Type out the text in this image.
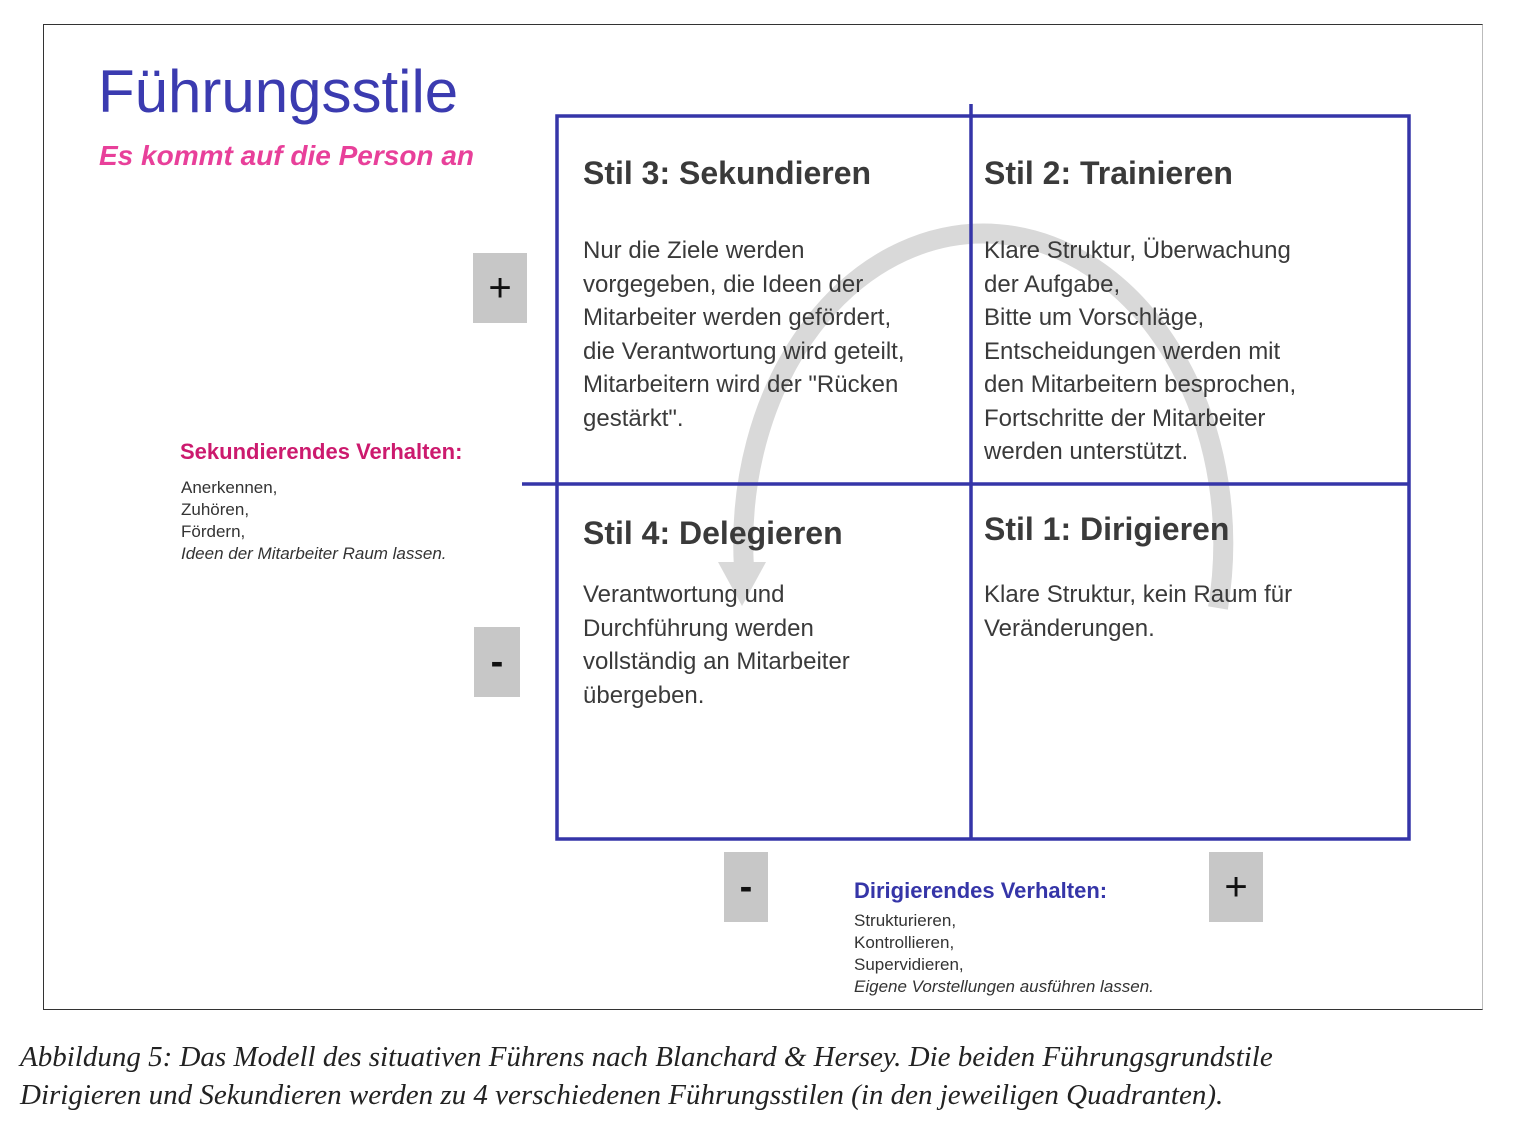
Führungsstile
Es kommt auf die Person an	Stil 3: Sekundieren
Nur die Ziele werden
vorgegeben, die Ideen der
Mitarbeiter werden gefördert,
die Verantwortung wird geteilt,
Mitarbeitern wird der "Rücken
gestärkt".
Stil 2: Trainieren
Klare Struktur, Überwachung
der Aufgabe,
Bitte um Vorschläge,
Entscheidungen werden mit
den Mitarbeitern besprochen,
Fortschritte der Mitarbeiter
werden unterstützt.
Stil 4: Delegieren
Verantwortung und
Durchführung werden
vollständig an Mitarbeiter
übergeben.
Stil 1: Dirigieren
Klare Struktur, kein Raum für
Veränderungen.
+
-
Sekundierendes Verhalten:
Anerkennen,
Zuhören,
Fördern,
Ideen der Mitarbeiter Raum lassen.
-	+
Dirigierendes Verhalten:
Strukturieren,
Kontrollieren,
Supervidieren,
Eigene Vorstellungen ausführen lassen.
Abbildung 5: Das Modell des situativen Führens nach Blanchard & Hersey. Die beiden Führungsgrundstile
Dirigieren und Sekundieren werden zu 4 verschiedenen Führungsstilen (in den jeweiligen Quadranten).
